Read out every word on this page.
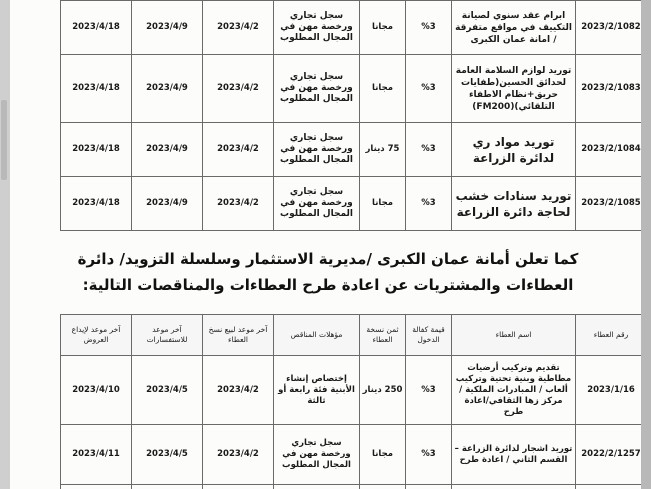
2023/4/18	2023/4/9	2023/4/2	سجل تجاري ورخصة مهن في المجال المطلوب	مجانا	%3	ابرام عقد سنوي لصيانة التكييف في مواقع متفرقة / امانة عمان الكبرى	2023/2/1082
2023/4/18	2023/4/9	2023/4/2	سجل تجاري ورخصة مهن في المجال المطلوب	مجانا	%3	توريد لوازم السلامة العامة لحدائق الحسين(طفايات حريق+نظام الاطفاء التلقائي)(FM200)	2023/2/1083
2023/4/18	2023/4/9	2023/4/2	سجل تجاري ورخصة مهن في المجال المطلوب	75 دينار	%3	توريد مواد ري لدائرة الزراعة	2023/2/1084
2023/4/18	2023/4/9	2023/4/2	سجل تجاري ورخصة مهن في المجال المطلوب	مجانا	%3	توريد سنادات خشب لحاجة دائرة الزراعة	2023/2/1085
كما تعلن أمانة عمان الكبرى /مديرية الاستثمار وسلسلة التزويد/ دائرة العطاءات والمشتريات عن اعادة طرح العطاءات والمناقصات التالية:
آخر موعد لإيداع العروض	آخر موعد للاستفسارات	آخر موعد لبيع نسخ العطاء	مؤهلات المناقص	ثمن نسخة العطاء	قيمة كفالة الدخول	اسم العطاء	رقم العطاء
2023/4/10	2023/4/5	2023/4/2	إختصاص إنشاء الأبنية فئة رابعة أو ثالثة	250 دينار	%3	تقديم وتركيب أرضيات مطاطية وبنية تحتية وتركيب ألعاب / المبادرات الملكية /مركز زها الثقافي/اعادة طرح	2023/1/16
2023/4/11	2023/4/5	2023/4/2	سجل تجاري ورخصة مهن في المجال المطلوب	مجانا	%3	توريد اشجار لدائرة الزراعة – القسم الثاني / اعادة طرح	2022/2/1257
